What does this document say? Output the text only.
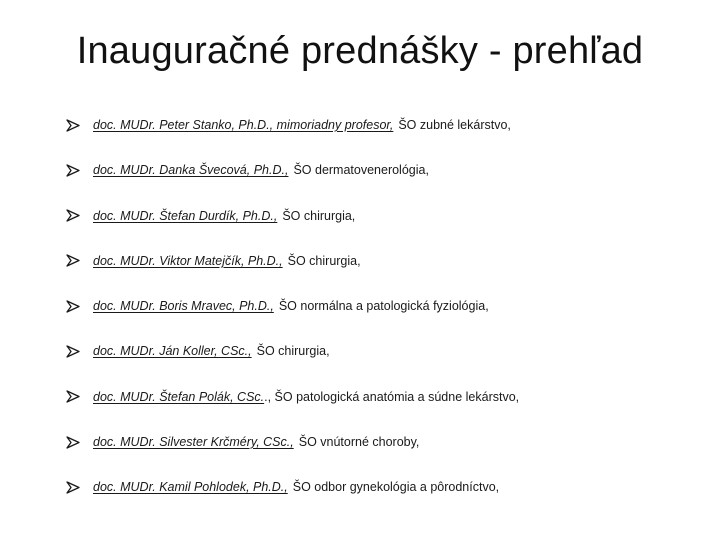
Inauguračné prednášky - prehľad
doc. MUDr. Peter Stanko, Ph.D., mimoriadny profesor, ŠO zubné lekárstvo,
doc. MUDr. Danka Švecová, Ph.D., ŠO dermatovenerológia,
doc. MUDr. Štefan Durdík, Ph.D., ŠO chirurgia,
doc. MUDr. Viktor Matejčík, Ph.D., ŠO chirurgia,
doc. MUDr. Boris Mravec, Ph.D., ŠO normálna a patologická fyziológia,
doc. MUDr. Ján Koller, CSc., ŠO chirurgia,
doc. MUDr. Štefan Polák, CSc. ., ŠO patologická anatómia a súdne lekárstvo,
doc. MUDr. Silvester Krčméry, CSc., ŠO vnútorné choroby,
doc. MUDr. Kamil Pohlodek, Ph.D., ŠO odbor gynekológia a pôrodníctvo,
